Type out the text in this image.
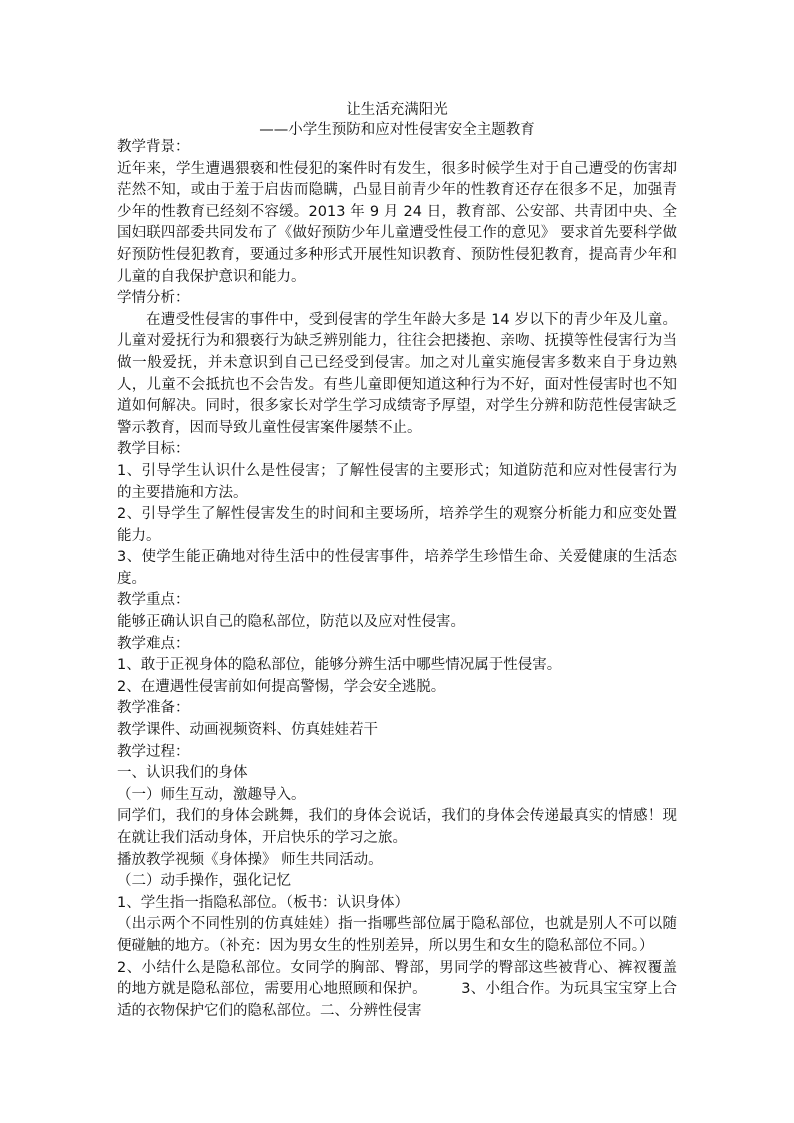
让生活充满阳光
——小学生预防和应对性侵害安全主题教育

教学背景：

近年来，学生遭遇猥亵和性侵犯的案件时有发生，很多时候学生对于自己遭受的伤害却茫然不知，或由于羞于启齿而隐瞒，凸显目前青少年的性教育还存在很多不足，加强青少年的性教育已经刻不容缓。2013 年 9 月 24 日，教育部、公安部、共青团中央、全国妇联四部委共同发布了《做好预防少年儿童遭受性侵工作的意见》 要求首先要科学做好预防性侵犯教育，要通过多种形式开展性知识教育、预防性侵犯教育，提高青少年和儿童的自我保护意识和能力。

学情分析：

在遭受性侵害的事件中，受到侵害的学生年龄大多是 14 岁以下的青少年及儿童。儿童对爱抚行为和猥亵行为缺乏辨别能力，往往会把搂抱、亲吻、抚摸等性侵害行为当做一般爱抚，并未意识到自己已经受到侵害。加之对儿童实施侵害多数来自于身边熟人，儿童不会抵抗也不会告发。有些儿童即便知道这种行为不好，面对性侵害时也不知道如何解决。同时，很多家长对学生学习成绩寄予厚望，对学生分辨和防范性侵害缺乏警示教育，因而导致儿童性侵害案件屡禁不止。

教学目标：

1、引导学生认识什么是性侵害；了解性侵害的主要形式；知道防范和应对性侵害行为的主要措施和方法。

2、引导学生了解性侵害发生的时间和主要场所，培养学生的观察分析能力和应变处置能力。

3、使学生能正确地对待生活中的性侵害事件，培养学生珍惜生命、关爱健康的生活态度。

教学重点：

能够正确认识自己的隐私部位，防范以及应对性侵害。

教学难点：

1、敢于正视身体的隐私部位，能够分辨生活中哪些情况属于性侵害。

2、在遭遇性侵害前如何提高警惕，学会安全逃脱。

教学准备：

教学课件、动画视频资料、仿真娃娃若干

教学过程：

一、认识我们的身体

（一）师生互动，激趣导入。

同学们，我们的身体会跳舞，我们的身体会说话，我们的身体会传递最真实的情感！现在就让我们活动身体，开启快乐的学习之旅。

播放教学视频《身体操》 师生共同活动。

（二）动手操作，强化记忆

1、学生指一指隐私部位。（板书：认识身体）

（出示两个不同性别的仿真娃娃）指一指哪些部位属于隐私部位，也就是别人不可以随便碰触的地方。（补充：因为男女生的性别差异，所以男生和女生的隐私部位不同。）

2、小结什么是隐私部位。女同学的胸部、臀部，男同学的臀部这些被背心、裤衩覆盖的地方就是隐私部位，需要用心地照顾和保护。 　　3、小组合作。为玩具宝宝穿上合适的衣物保护它们的隐私部位。二、分辨性侵害
